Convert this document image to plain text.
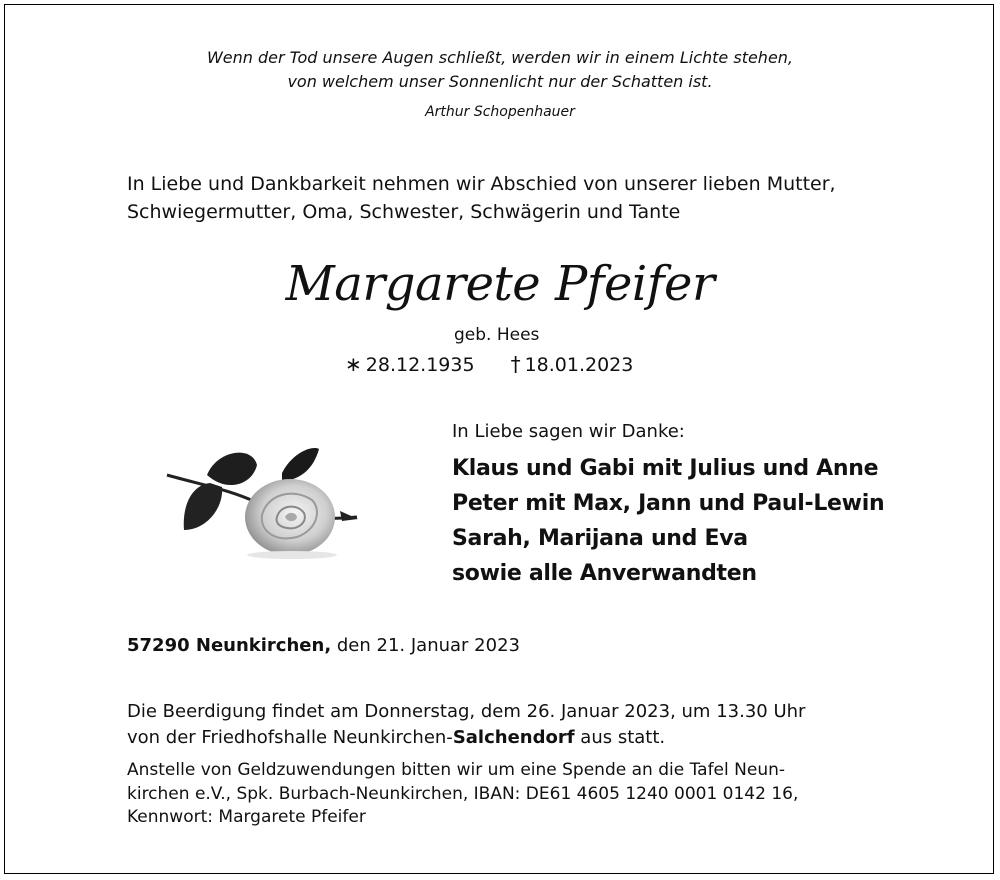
Wenn der Tod unsere Augen schließt, werden wir in einem Lichte stehen,
von welchem unser Sonnenlicht nur der Schatten ist.
Arthur Schopenhauer
In Liebe und Dankbarkeit nehmen wir Abschied von unserer lieben Mutter,
Schwiegermutter, Oma, Schwester, Schwägerin und Tante
Margarete Pfeifer
geb. Hees
∗ 28.12.1935 † 18.01.2023
In Liebe sagen wir Danke:
Klaus und Gabi mit Julius und Anne
Peter mit Max, Jann und Paul-Lewin
Sarah, Marijana und Eva
sowie alle Anverwandten
57290 Neunkirchen, den 21. Januar 2023
Die Beerdigung findet am Donnerstag, dem 26. Januar 2023, um 13.30 Uhr
von der Friedhofshalle Neunkirchen-Salchendorf aus statt.
Anstelle von Geldzuwendungen bitten wir um eine Spende an die Tafel Neun-
kirchen e.V., Spk. Burbach-Neunkirchen, IBAN: DE61 4605 1240 0001 0142 16,
Kennwort: Margarete Pfeifer
